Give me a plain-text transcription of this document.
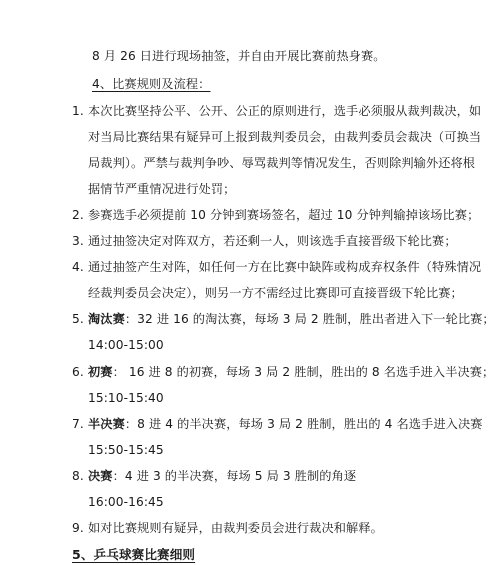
8 月 26 日进行现场抽签，并自由开展比赛前热身赛。
4、比赛规则及流程：
1. 本次比赛坚持公平、公开、公正的原则进行，选手必须服从裁判裁决，如
对当局比赛结果有疑异可上报到裁判委员会，由裁判委员会裁决（可换当
局裁判）。严禁与裁判争吵、辱骂裁判等情况发生，否则除判输外还将根
据情节严重情况进行处罚；
2. 参赛选手必须提前 10 分钟到赛场签名，超过 10 分钟判输掉该场比赛；
3. 通过抽签决定对阵双方，若还剩一人，则该选手直接晋级下轮比赛；
4. 通过抽签产生对阵，如任何一方在比赛中缺阵或构成弃权条件（特殊情况
经裁判委员会决定），则另一方不需经过比赛即可直接晋级下轮比赛；
5. 淘汰赛：32 进 16 的淘汰赛，每场 3 局 2 胜制，胜出者进入下一轮比赛；
14:00-15:00
6. 初赛： 16 进 8 的初赛，每场 3 局 2 胜制，胜出的 8 名选手进入半决赛；
15:10-15:40
7. 半决赛：8 进 4 的半决赛，每场 3 局 2 胜制，胜出的 4 名选手进入决赛
15:50-15:45
8. 决赛：4 进 3 的半决赛，每场 5 局 3 胜制的角逐
16:00-16:45
9. 如对比赛规则有疑异，由裁判委员会进行裁决和解释。
5、乒乓球赛比赛细则
